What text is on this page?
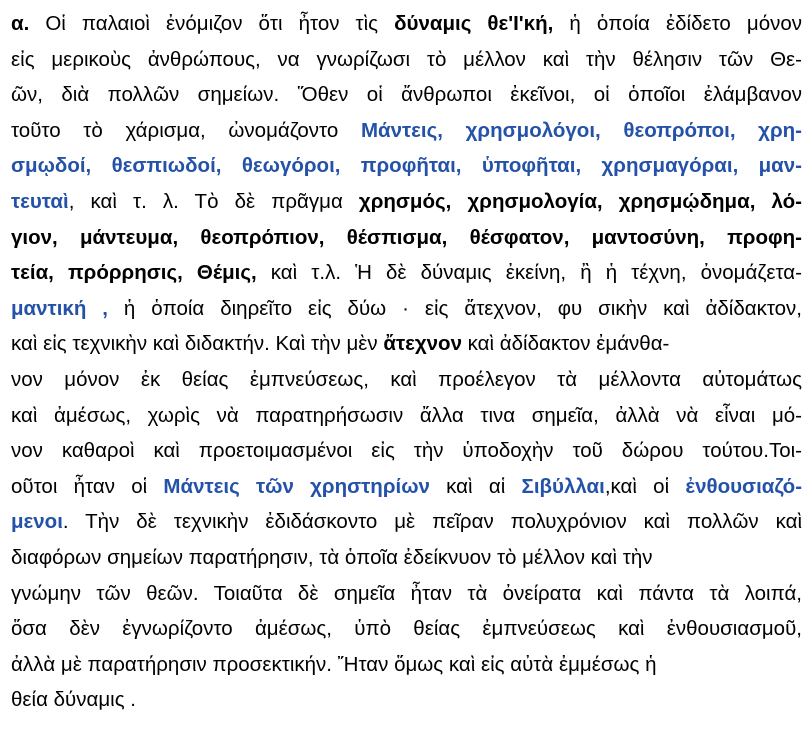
α. Οἱ παλαιοὶ ἐνόμιζον ὅτι ἦτον τὶς δύναμις θε'Ι'κή, ἡ ὁποία ἐδίδετο μόνον
εἰς μερικοὺς ἀνθρώπους, να γνωρίζωσι τὸ μέλλον καὶ τὴν θέλησιν τῶν Θε-
ῶν, διὰ πολλῶν σημείων. Ὅθεν οἱ ἄνθρωποι ἐκεῖνοι, οἱ ὁποῖοι ἐλάμβανον
τοῦτο τὸ χάρισμα, ὠνομάζοντο Μάντεις, χρησμολόγοι, θεοπρόποι, χρη-
σμῳδοί, θεσπιωδοί, θεωγόροι, προφῆται, ὑποφῆται, χρησμαγόραι, μαν-
τευταὶ, καὶ τ. λ. Τὸ δὲ πρᾶγμα χρησμός, χρησμολογία, χρησμῴδημα, λό-
γιον, μάντευμα, θεοπρόπιον, θέσπισμα, θέσφατον, μαντοσύνη, προφη-
τεία, πρόρρησις, Θέμις, καὶ τ.λ. Ἡ δὲ δύναμις ἐκείνη, ἢ ἡ τέχνη, ὀνομάζετα-
μαντική , ἡ ὁποία διηρεῖτο εἰς δύω · εἰς ἄτεχνον, φυ σικὴν καὶ ἀδίδακτον,
καὶ εἰς τεχνικὴν καὶ διδακτήν. Καὶ τὴν μὲν ἄτεχνον καὶ ἀδίδακτον ἐμάνθα-
νον μόνον ἐκ θείας ἐμπνεύσεως, καὶ προέλεγον τὰ μέλλοντα αὐτομάτως
καὶ ἀμέσως, χωρὶς νὰ παρατηρήσωσιν ἄλλα τινα σημεῖα, ἀλλὰ νὰ εἶναι μό-
νον καθαροὶ καὶ προετοιμασμένοι εἰς τὴν ὑποδοχὴν τοῦ δώρου τούτου.Τοι-
οῦτοι ἦταν οἱ Μάντεις τῶν χρηστηρίων καὶ αἱ Σιβύλλαι,καὶ οἱ ἐνθουσιαζό-
μενοι. Τὴν δὲ τεχνικὴν ἐδιδάσκοντο μὲ πεῖραν πολυχρόνιον καὶ πολλῶν καὶ
διαφόρων σημείων παρατήρησιν, τὰ ὁποῖα ἐδείκνυον τὸ μέλλον καὶ τὴν
γνώμην τῶν θεῶν. Τοιαῦτα δὲ σημεῖα ἦταν τὰ ὀνείρατα καὶ πάντα τὰ λοιπά,
ὅσα δὲν ἐγνωρίζοντο ἀμέσως, ὑπὸ θείας ἐμπνεύσεως καὶ ἐνθουσιασμοῦ,
ἀλλὰ μὲ παρατήρησιν προσεκτικήν. Ἤταν ὅμως καὶ εἰς αὐτὰ ἐμμέσως ἡ
θεία δύναμις .
